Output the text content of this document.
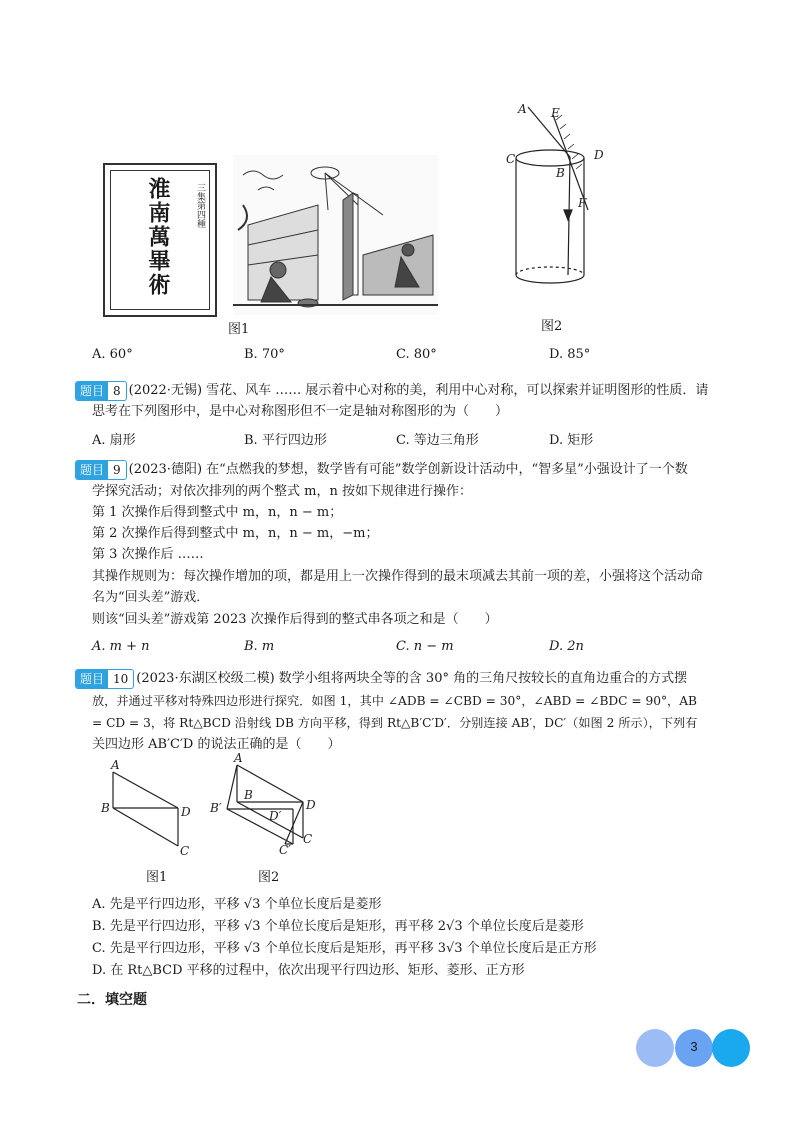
淮南萬畢術	三集第四種
图1
A E
C	D
B
F
图2
A. 60°	B. 70°	C. 80°	D. 85°
题目 8 (2022·无锡) 雪花、风车 …… 展示着中心对称的美，利用中心对称，可以探索并证明图形的性质．请
思考在下列图形中，是中心对称图形但不一定是轴对称图形的为（　　）
A. 扇形	B. 平行四边形	C. 等边三角形	D. 矩形
题目 9 (2023·德阳) 在“点燃我的梦想，数学皆有可能”数学创新设计活动中，“智多星”小强设计了一个数
学探究活动；对依次排列的两个整式 m，n 按如下规律进行操作：
第 1 次操作后得到整式中 m，n，n − m；
第 2 次操作后得到整式中 m，n，n − m，−m；
第 3 次操作后 ……
其操作规则为：每次操作增加的项，都是用上一次操作得到的最末项减去其前一项的差，小强将这个活动命
名为“回头差”游戏．
则该“回头差”游戏第 2023 次操作后得到的整式串各项之和是（　　）
A. m + n	B. m	C. n − m	D. 2n
题目 10 (2023·东湖区校级二模) 数学小组将两块全等的含 30° 角的三角尺按较长的直角边重合的方式摆
放，并通过平移对特殊四边形进行探究．如图 1，其中 ∠ADB = ∠CBD = 30°，∠ABD = ∠BDC = 90°，AB
= CD = 3，将 Rt△BCD 沿射线 DB 方向平移，得到 Rt△B′C′D′．分别连接 AB′，DC′（如图 2 所示），下列有
关四边形 AB′C′D 的说法正确的是（　　）
A
B	D
C
图1
A
B
B′	D
D′
C
C′
图2
A. 先是平行四边形，平移 √3 个单位长度后是菱形
B. 先是平行四边形，平移 √3 个单位长度后是矩形，再平移 2√3 个单位长度后是菱形
C. 先是平行四边形，平移 √3 个单位长度后是矩形，再平移 3√3 个单位长度后是正方形
D. 在 Rt△BCD 平移的过程中，依次出现平行四边形、矩形、菱形、正方形
二．填空题
3
